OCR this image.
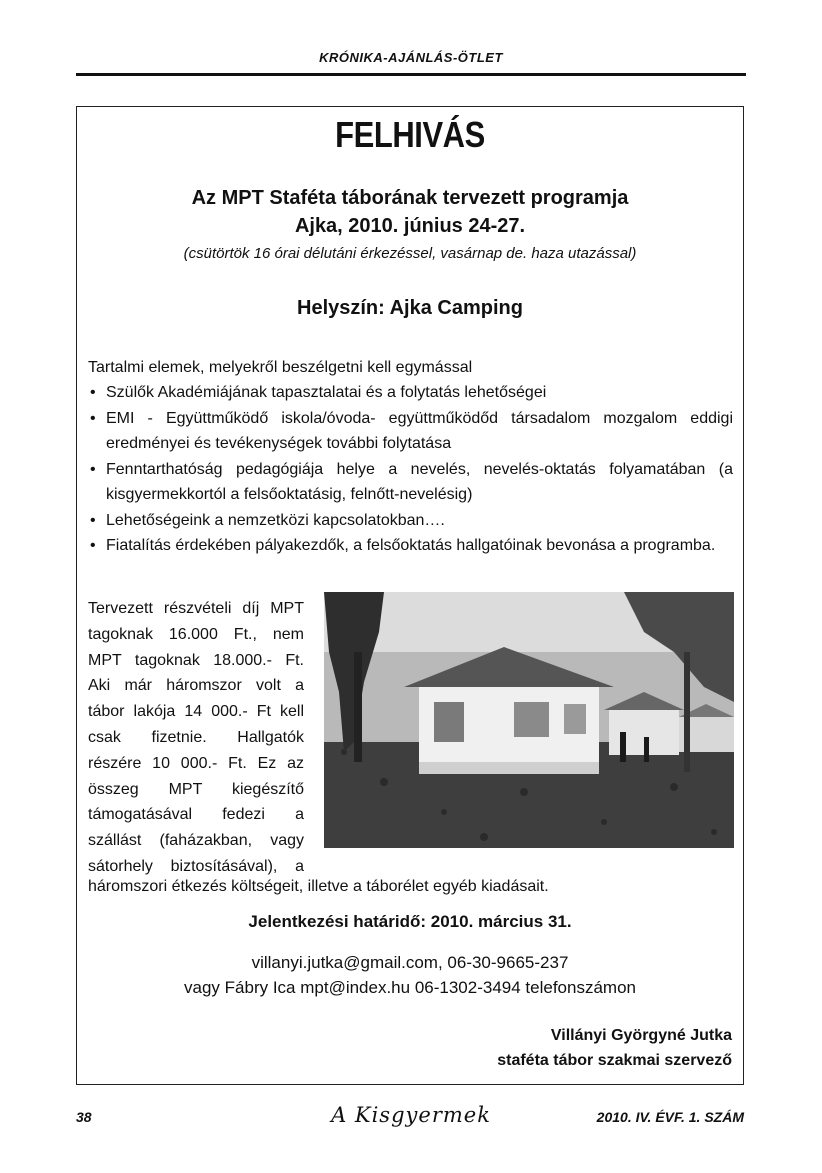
KRÓNIKA-AJÁNLÁS-ÖTLET
FELHIVÁS
Az MPT Staféta táborának tervezett programja
Ajka, 2010. június 24-27.
(csütörtök 16 órai délutáni érkezéssel, vasárnap de. haza utazással)
Helyszín: Ajka Camping
Tartalmi elemek, melyekről beszélgetni kell egymással
• Szülők Akadémiájának tapasztalatai és a folytatás lehetőségei
• EMI - Együttműködő iskola/óvoda- együttműködőd társadalom mozgalom eddigi eredményei és tevékenységek további folytatása
• Fenntarthatóság pedagógiája helye a nevelés, nevelés-oktatás folyamatában (a kisgyermekkortól a felsőoktatásig, felnőtt-nevelésig)
• Lehetőségeink a nemzetközi kapcsolatokban….
• Fiatalítás érdekében pályakezdők, a felsőoktatás hallgatóinak bevonása a programba.
Tervezett részvételi díj MPT
tagoknak 16.000 Ft., nem
MPT tagoknak 18.000.- Ft.
Aki már háromszor volt a
tábor lakója 14 000.- Ft kell
csak fizetnie. Hallgatók
részére 10 000.- Ft. Ez az
összeg MPT kiegészítő
támogatásával fedezi a
szállást (faházakban, vagy
sátorhely biztosításával), a
háromszori étkezés költségeit, illetve a táborélet egyéb kiadásait.
Jelentkezési határidő: 2010. március 31.
villanyi.jutka@gmail.com, 06-30-9665-237
vagy Fábry Ica mpt@index.hu 06-1302-3494 telefonszámon
Villányi Györgyné Jutka
staféta tábor szakmai szervező
38	A Kisgyermek	2010. IV. ÉVF. 1. SZÁM
